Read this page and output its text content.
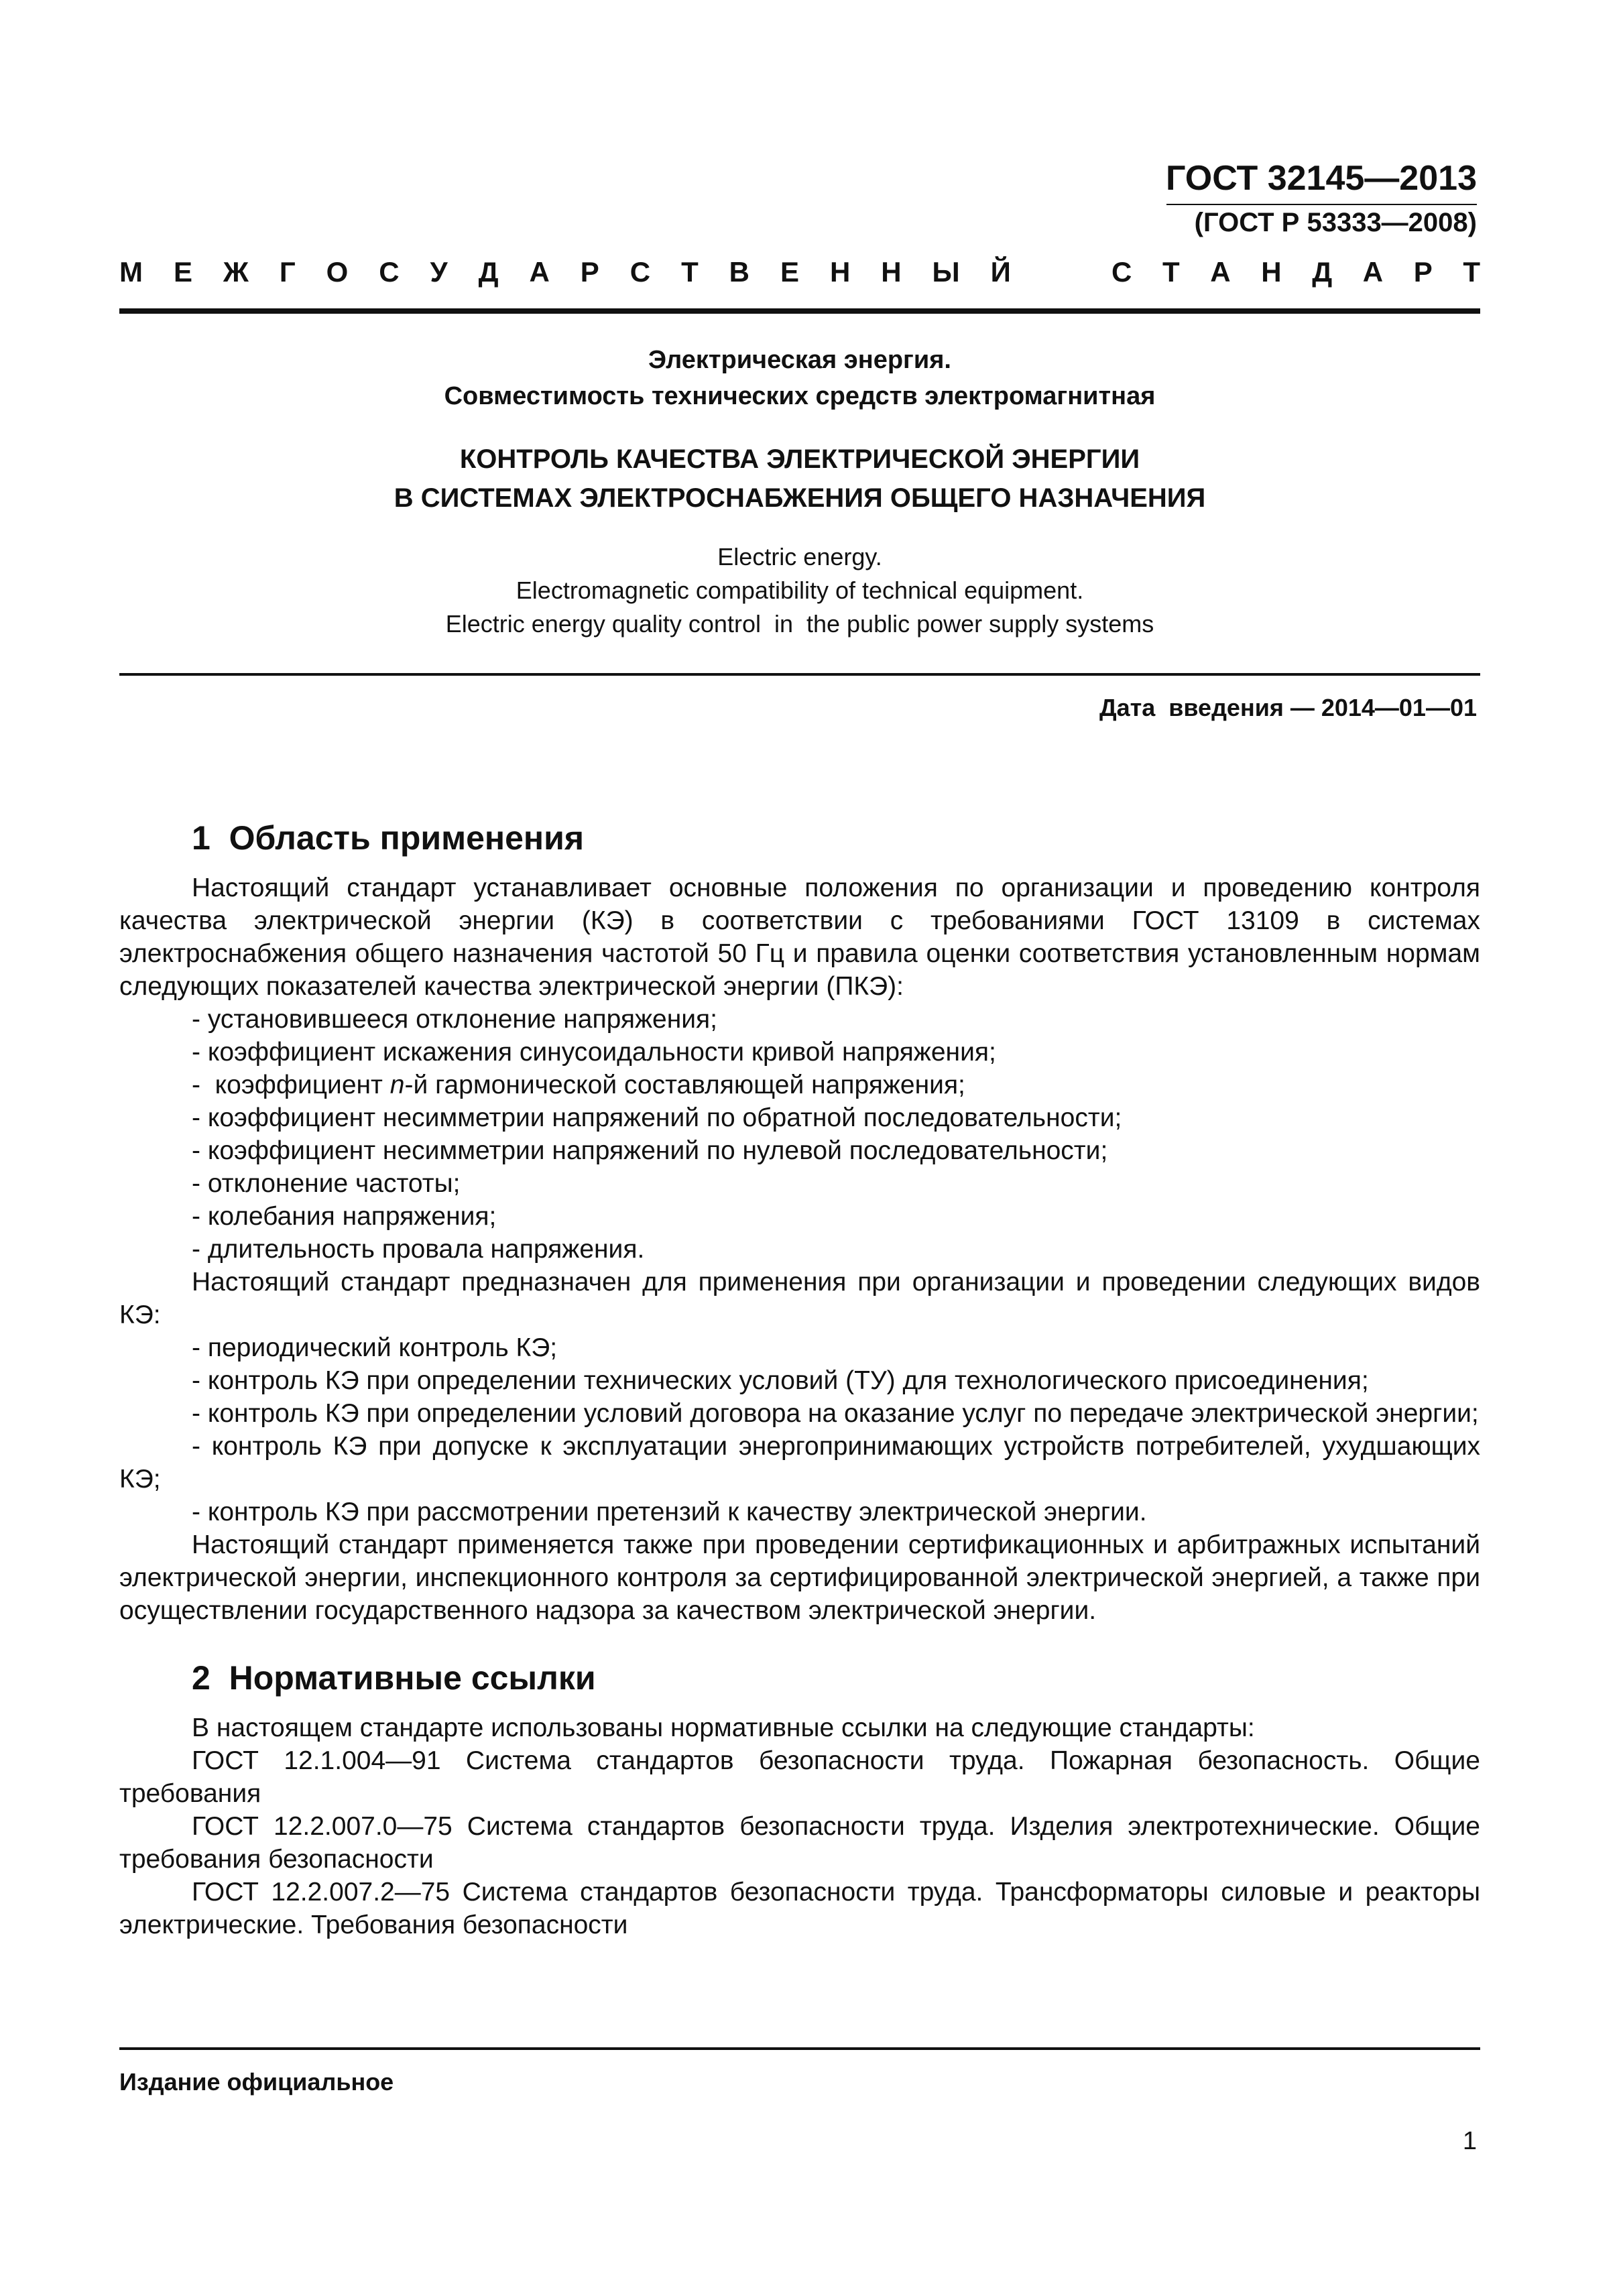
ГОСТ 32145—2013
(ГОСТ Р 53333—2008)
М Е Ж Г О С У Д А Р С Т В Е Н Н Ы Й	С Т А Н Д А Р Т
Электрическая энергия.
Совместимость технических средств электромагнитная
КОНТРОЛЬ КАЧЕСТВА ЭЛЕКТРИЧЕСКОЙ ЭНЕРГИИ
В СИСТЕМАХ ЭЛЕКТРОСНАБЖЕНИЯ ОБЩЕГО НАЗНАЧЕНИЯ
Electric energy.
Electromagnetic compatibility of technical equipment.
Electric energy quality control  in  the public power supply systems
Дата  введения — 2014—01—01
1  Область применения

Настоящий стандарт устанавливает основные положения по организации и проведению контроля качества электрической энергии (КЭ) в соответствии с требованиями ГОСТ 13109 в системах электроснабжения общего назначения частотой 50 Гц и правила оценки соответствия установленным нормам следующих показателей качества электрической энергии (ПКЭ):

- установившееся отклонение напряжения;

- коэффициент искажения синусоидальности кривой напряжения;

-  коэффициент n-й гармонической составляющей напряжения;

- коэффициент несимметрии напряжений по обратной последовательности;

- коэффициент несимметрии напряжений по нулевой последовательности;

- отклонение частоты;

- колебания напряжения;

- длительность провала напряжения.

Настоящий стандарт предназначен для применения при организации и проведении следующих видов КЭ:

- периодический контроль КЭ;

- контроль КЭ при определении технических условий (ТУ) для технологического присоединения;

- контроль КЭ при определении условий договора на оказание услуг по передаче электрической энергии;

- контроль КЭ при допуске к эксплуатации энергопринимающих устройств потребителей, ухудшающих КЭ;

- контроль КЭ при рассмотрении претензий к качеству электрической энергии.

Настоящий стандарт применяется также при проведении сертификационных и арбитражных испытаний электрической энергии, инспекционного контроля за сертифицированной электрической энергией, а также при осуществлении государственного надзора за качеством электрической энергии.

2  Нормативные ссылки

В настоящем стандарте использованы нормативные ссылки на следующие стандарты:

ГОСТ 12.1.004—91 Система стандартов безопасности труда. Пожарная безопасность. Общие требования

ГОСТ 12.2.007.0—75 Система стандартов безопасности труда. Изделия электротехнические. Общие требования безопасности

ГОСТ 12.2.007.2—75 Система стандартов безопасности труда. Трансформаторы силовые и реакторы электрические. Требования безопасности

Издание официальное
1
